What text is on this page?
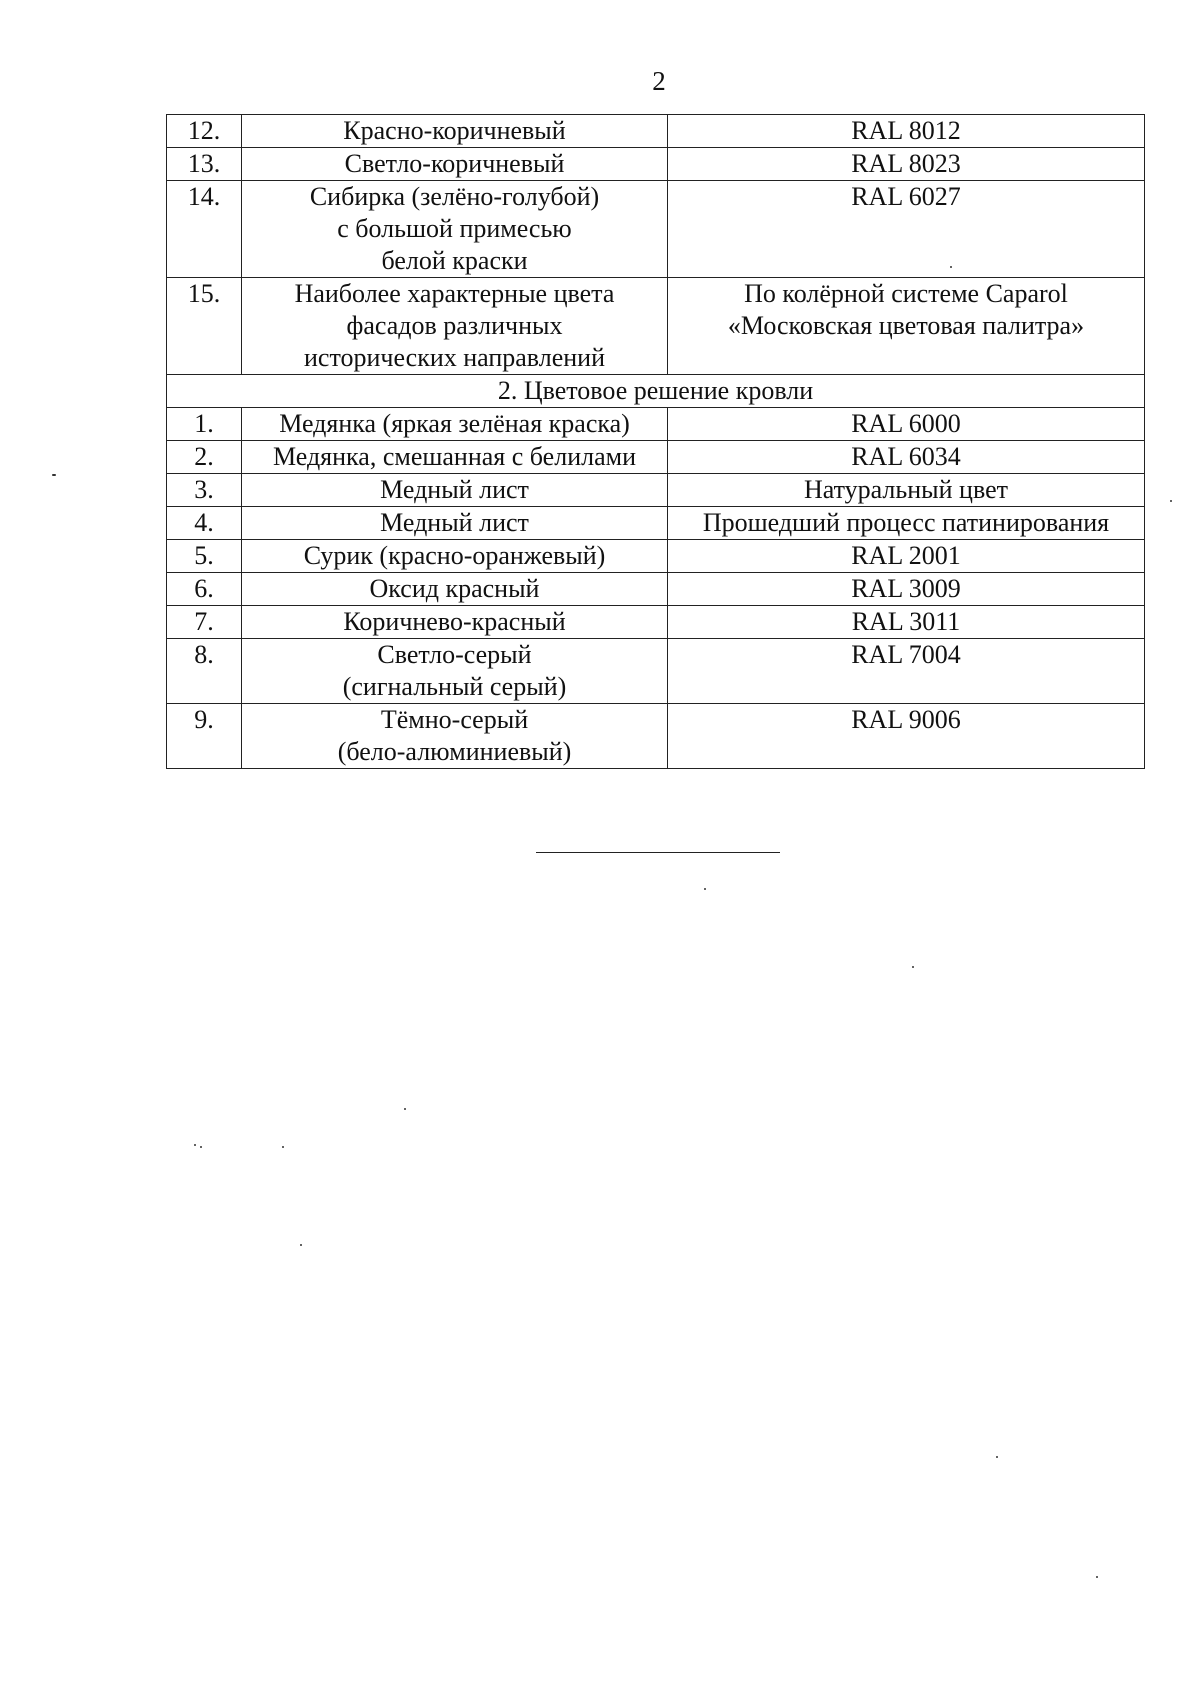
2
12.	Красно-коричневый	RAL 8012
13.	Светло-коричневый	RAL 8023
14.	Сибирка (зелёно-голубой)
с большой примесью
белой краски	RAL 6027
15.	Наиболее характерные цвета
фасадов различных
исторических направлений	По колёрной системе Caparol
«Московская цветовая палитра»
2. Цветовое решение кровли		
1.	Медянка (яркая зелёная краска)	RAL 6000
2.	Медянка, смешанная с белилами	RAL 6034
3.	Медный лист	Натуральный цвет
4.	Медный лист	Прошедший процесс патинирования
5.	Сурик (красно-оранжевый)	RAL 2001
6.	Оксид красный	RAL 3009
7.	Коричнево-красный	RAL 3011
8.	Светло-серый
(сигнальный серый)	RAL 7004
9.	Тёмно-серый
(бело-алюминиевый)	RAL 9006
